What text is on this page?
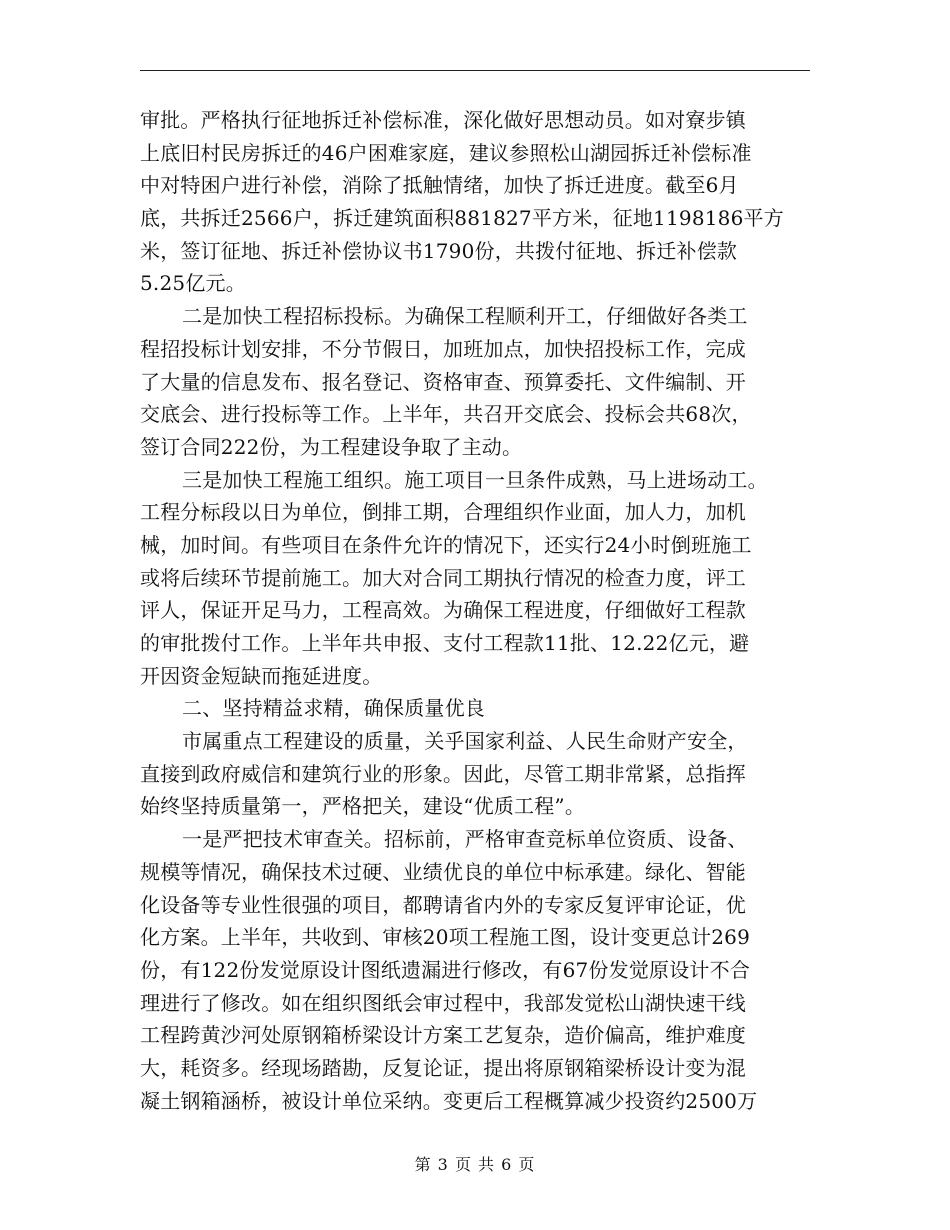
审批。严格执行征地拆迁补偿标准，深化做好思想动员。如对寮步镇
上底旧村民房拆迁的46户困难家庭，建议参照松山湖园拆迁补偿标准
中对特困户进行补偿，消除了抵触情绪，加快了拆迁进度。截至6月
底，共拆迁2566户，拆迁建筑面积881827平方米，征地1198186平方
米，签订征地、拆迁补偿协议书1790份，共拨付征地、拆迁补偿款
5.25亿元。
二是加快工程招标投标。为确保工程顺利开工，仔细做好各类工
程招投标计划安排，不分节假日，加班加点，加快招投标工作，完成
了大量的信息发布、报名登记、资格审查、预算委托、文件编制、开
交底会、进行投标等工作。上半年，共召开交底会、投标会共68次，
签订合同222份，为工程建设争取了主动。
三是加快工程施工组织。施工项目一旦条件成熟，马上进场动工。
工程分标段以日为单位，倒排工期，合理组织作业面，加人力，加机
械，加时间。有些项目在条件允许的情况下，还实行24小时倒班施工
或将后续环节提前施工。加大对合同工期执行情况的检查力度，评工
评人，保证开足马力，工程高效。为确保工程进度，仔细做好工程款
的审批拨付工作。上半年共申报、支付工程款11批、12.22亿元，避
开因资金短缺而拖延进度。
二、坚持精益求精，确保质量优良
市属重点工程建设的质量，关乎国家利益、人民生命财产安全，
直接到政府威信和建筑行业的形象。因此，尽管工期非常紧，总指挥
始终坚持质量第一，严格把关，建设“优质工程”。
一是严把技术审查关。招标前，严格审查竞标单位资质、设备、
规模等情况，确保技术过硬、业绩优良的单位中标承建。绿化、智能
化设备等专业性很强的项目，都聘请省内外的专家反复评审论证，优
化方案。上半年，共收到、审核20项工程施工图，设计变更总计269
份，有122份发觉原设计图纸遗漏进行修改，有67份发觉原设计不合
理进行了修改。如在组织图纸会审过程中，我部发觉松山湖快速干线
工程跨黄沙河处原钢箱桥梁设计方案工艺复杂，造价偏高，维护难度
大，耗资多。经现场踏勘，反复论证，提出将原钢箱梁桥设计变为混
凝土钢箱涵桥，被设计单位采纳。变更后工程概算减少投资约2500万
第 3 页 共 6 页
